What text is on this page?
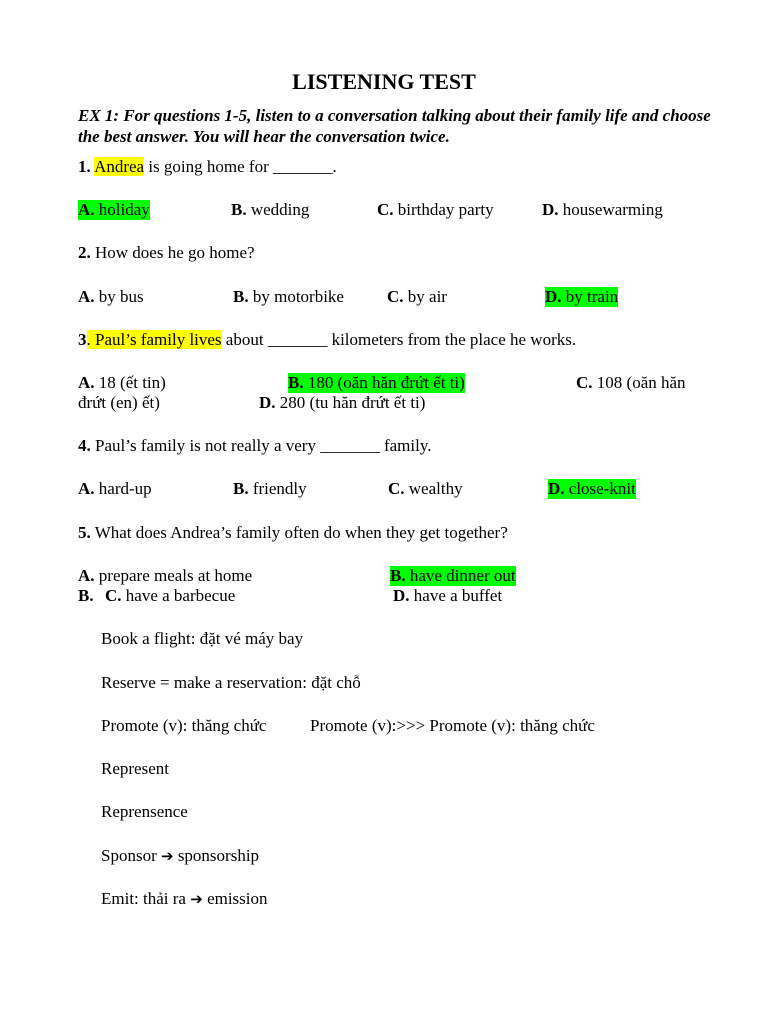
LISTENING TEST
EX 1: For questions 1-5, listen to a conversation talking about their family life and choose the best answer. You will hear the conversation twice.
1. Andrea is going home for _______.
A. holiday	B. wedding	C. birthday party	D. housewarming
2. How does he go home?
A. by bus	B. by motorbike	C. by air	D. by train
3. Paul’s family lives about _______ kilometers from the place he works.
A. 18 (ết tin)	B. 180 (oăn hăn đrứt ết ti)	C. 108 (oăn hăn
đrứt (en) ết)	D. 280 (tu hăn đrứt ết ti)
4. Paul’s family is not really a very _______ family.
A. hard-up	B. friendly	C. wealthy	D. close-knit
5. What does Andrea’s family often do when they get together?
A. prepare meals at home	B. have dinner out
B. C. have a barbecue	D. have a buffet
Book a flight: đặt vé máy bay
Reserve = make a reservation: đặt chỗ
Promote (v): thăng chức	Promote (v):>>> Promote (v): thăng chức
Represent
Reprensence
Sponsor ➔ sponsorship
Emit: thải ra ➔ emission
